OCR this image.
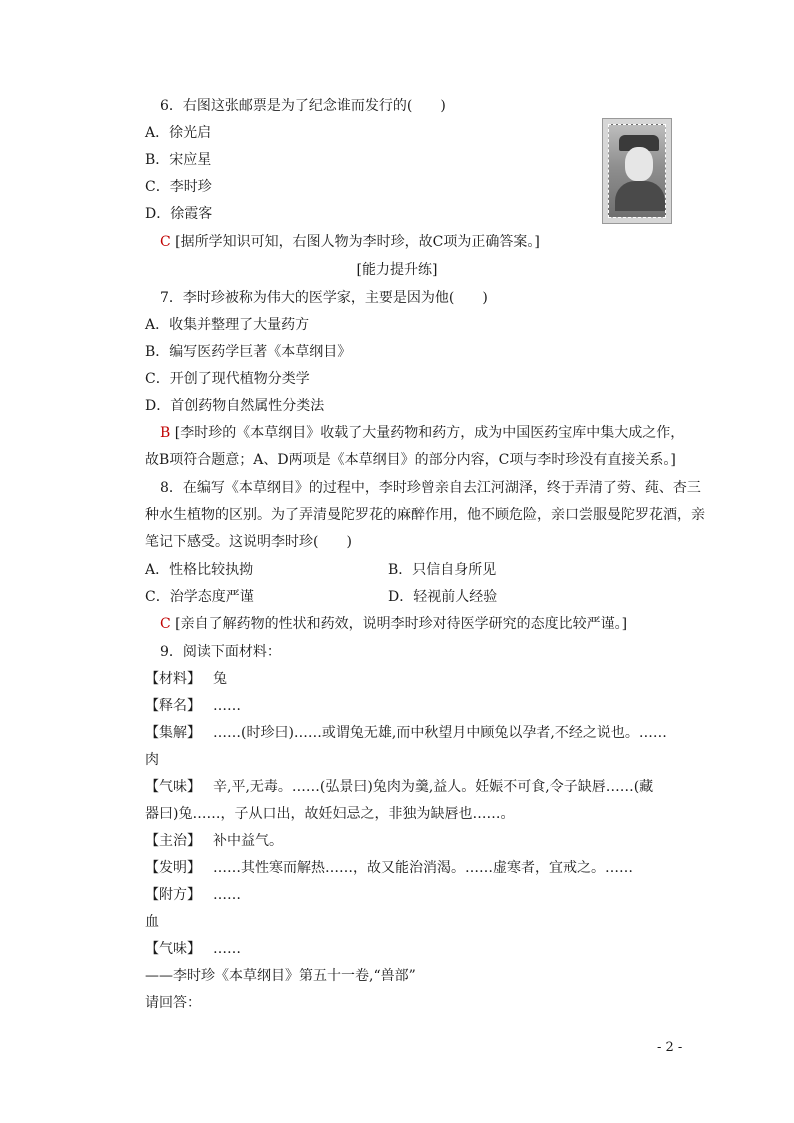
6．右图这张邮票是为了纪念谁而发行的(　　)
A．徐光启
B．宋应星
C．李时珍
D．徐霞客
C [据所学知识可知，右图人物为李时珍，故C项为正确答案。]
[能力提升练]
7．李时珍被称为伟大的医学家，主要是因为他(　　)
A．收集并整理了大量药方
B．编写医药学巨著《本草纲目》
C．开创了现代植物分类学
D．首创药物自然属性分类法
B [李时珍的《本草纲目》收载了大量药物和药方，成为中国医药宝库中集大成之作，
故B项符合题意；A、D两项是《本草纲目》的部分内容，C项与李时珍没有直接关系。]
8．在编写《本草纲目》的过程中，李时珍曾亲自去江河湖泽，终于弄清了䓖、莼、杏三
种水生植物的区别。为了弄清曼陀罗花的麻醉作用，他不顾危险，亲口尝服曼陀罗花酒，亲
笔记下感受。这说明李时珍(　　)
A．性格比较执拗	B．只信自身所见
C．治学态度严谨	D．轻视前人经验
C [亲自了解药物的性状和药效，说明李时珍对待医学研究的态度比较严谨。]
9．阅读下面材料：
【材料】 兔
【释名】 ……
【集解】 ……(时珍曰)……或谓兔无雄,而中秋望月中顾兔以孕者,不经之说也。……
肉
【气味】 辛,平,无毒。……(弘景曰)兔肉为羹,益人。妊娠不可食,令子缺唇……(藏
器曰)兔……，子从口出，故妊妇忌之，非独为缺唇也……。
【主治】 补中益气。
【发明】 ……其性寒而解热……，故又能治消渴。……虚寒者，宜戒之。……
【附方】 ……
血
【气味】 ……
——李时珍《本草纲目》第五十一卷,“兽部”
请回答：
- 2 -
